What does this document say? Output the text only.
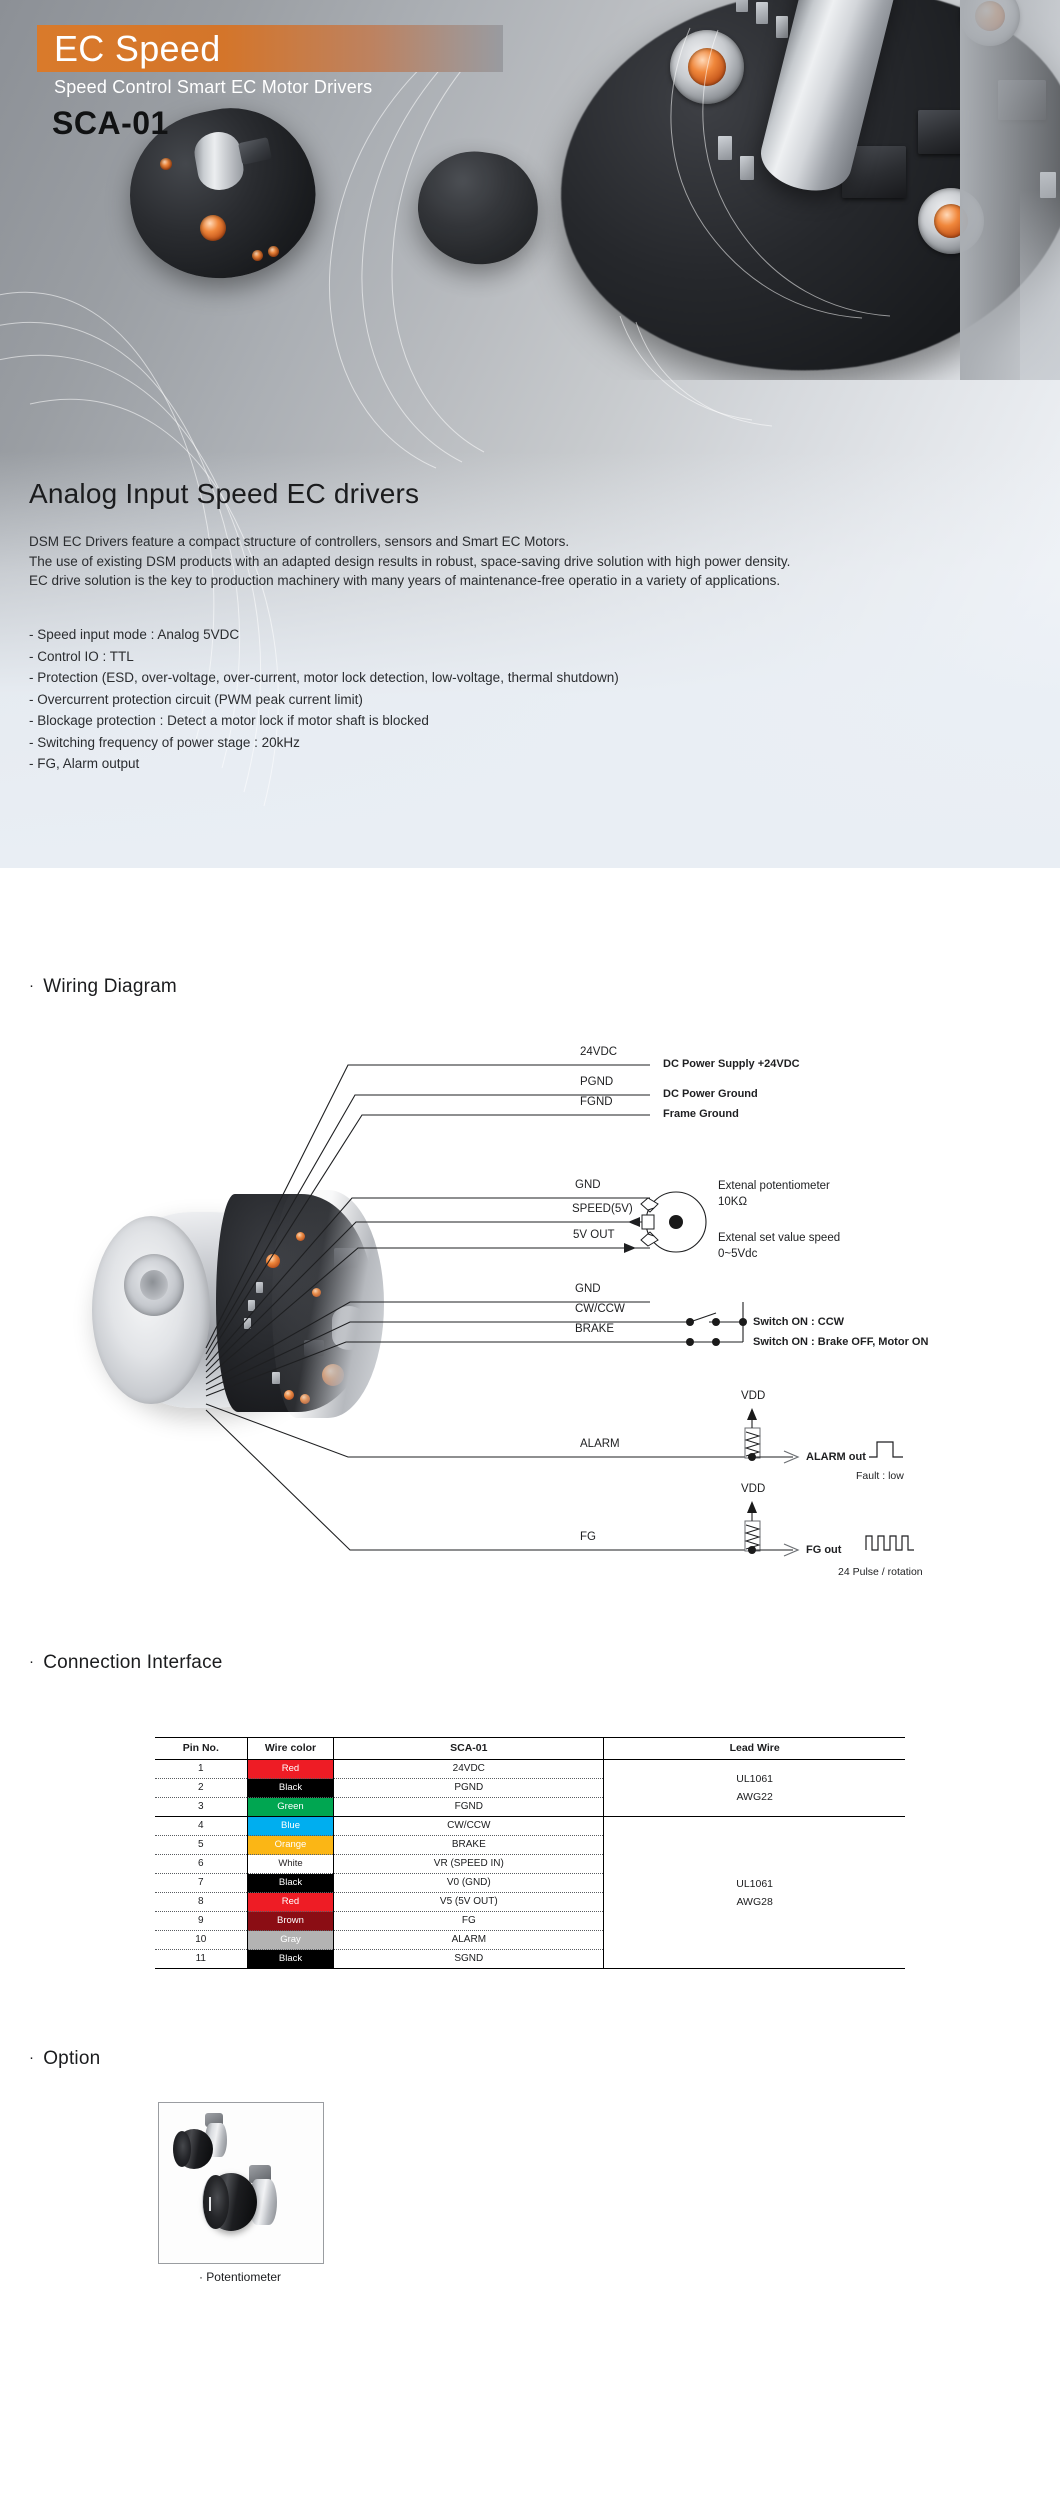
EC Speed
Speed Control Smart EC Motor Drivers
SCA-01
Analog Input Speed EC drivers

DSM EC Drivers feature a compact structure of controllers, sensors and Smart EC Motors.
The use of existing DSM products with an adapted design results in robust, space-saving drive solution with high power density.
EC drive solution is the key to production machinery with many years of maintenance-free operatio in a variety of applications.

- Speed input mode : Analog 5VDC
- Control IO : TTL
- Protection (ESD, over-voltage, over-current, motor lock detection, low-voltage, thermal shutdown)
- Overcurrent protection circuit (PWM peak current limit)
- Blockage protection : Detect a motor lock if motor shaft is blocked
- Switching frequency of power stage : 20kHz
- FG, Alarm output
· Wiring Diagram
24VDC
PGND
FGND
GND
SPEED(5V)
5V OUT
GND
CW/CCW
BRAKE
ALARM
FG
DC Power Supply +24VDC
DC Power Ground
Frame Ground
Extenal potentiometer
10KΩ
Extenal set value speed
0~5Vdc
Switch ON : CCW
Switch ON : Brake OFF, Motor ON
VDD
ALARM out
Fault : low
VDD
FG out
24 Pulse / rotation
· Connection Interface
Pin No.	Wire color	SCA-01	Lead Wire
1	Red	24VDC	UL1061
AWG22

2	Black	PGND	
3	Green	FGND	
4	Blue	CW/CCW	UL1061
AWG28

5	Orange	BRAKE	
6	White	VR (SPEED IN)	
7	Black	V0 (GND)	
8	Red	V5 (5V OUT)	
9	Brown	FG	
10	Gray	ALARM	
11	Black	SGND	
· Option
· Potentiometer
